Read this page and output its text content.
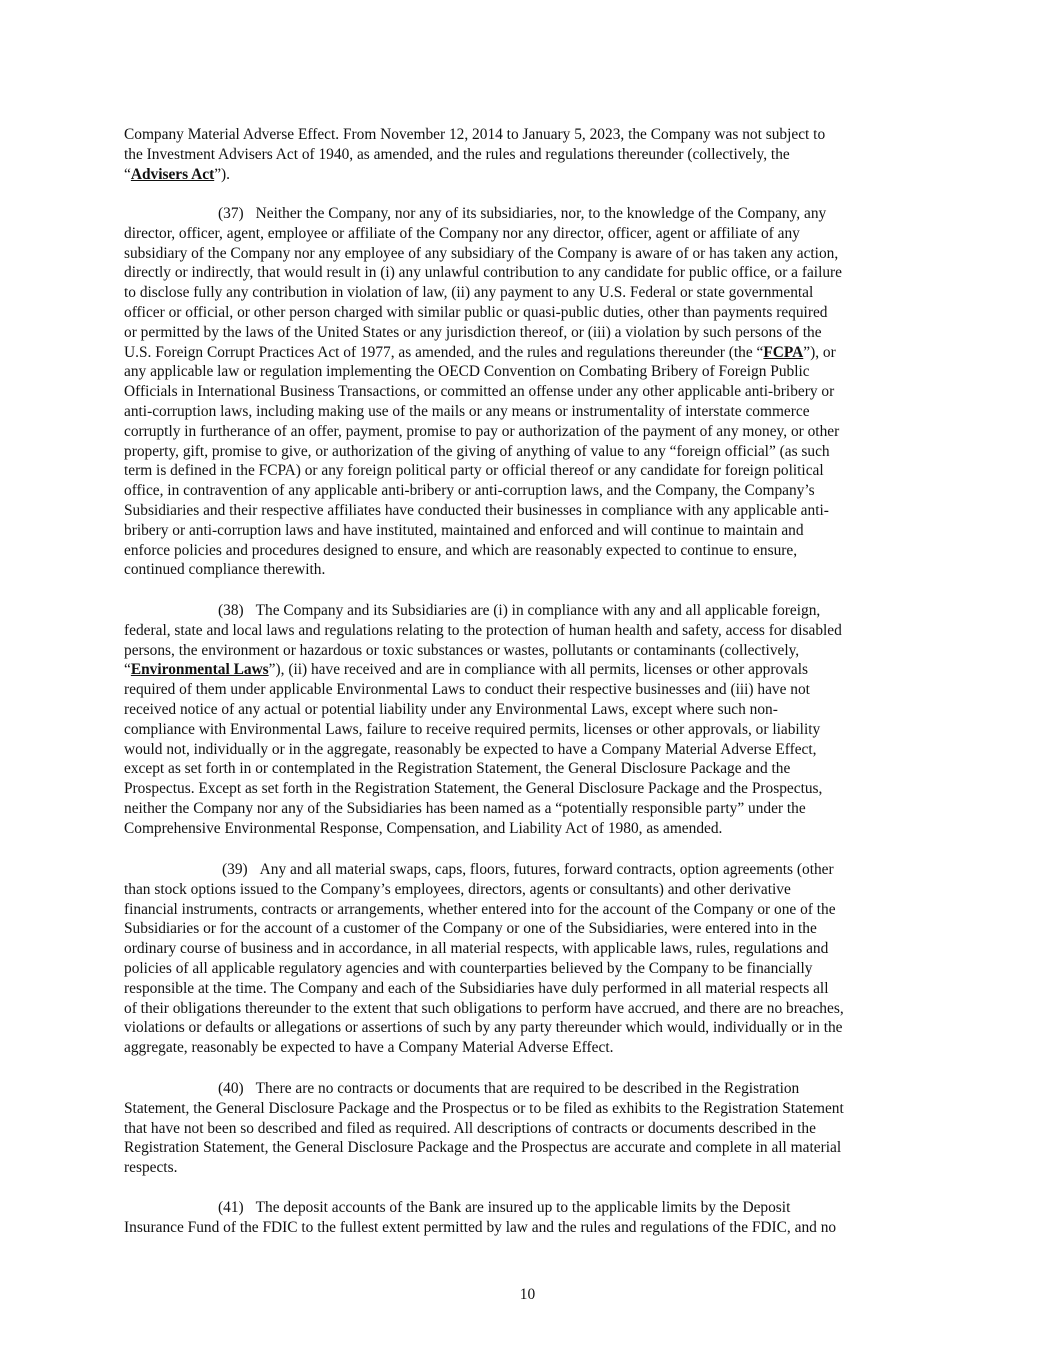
Company Material Adverse Effect. From November 12, 2014 to January 5, 2023, the Company was not subject to
the Investment Advisers Act of 1940, as amended, and the rules and regulations thereunder (collectively, the
“Advisers Act”).

(37) Neither the Company, nor any of its subsidiaries, nor, to the knowledge of the Company, any
director, officer, agent, employee or affiliate of the Company nor any director, officer, agent or affiliate of any
subsidiary of the Company nor any employee of any subsidiary of the Company is aware of or has taken any action,
directly or indirectly, that would result in (i) any unlawful contribution to any candidate for public office, or a failure
to disclose fully any contribution in violation of law, (ii) any payment to any U.S. Federal or state governmental
officer or official, or other person charged with similar public or quasi-public duties, other than payments required
or permitted by the laws of the United States or any jurisdiction thereof, or (iii) a violation by such persons of the
U.S. Foreign Corrupt Practices Act of 1977, as amended, and the rules and regulations thereunder (the “FCPA”), or
any applicable law or regulation implementing the OECD Convention on Combating Bribery of Foreign Public
Officials in International Business Transactions, or committed an offense under any other applicable anti-bribery or
anti-corruption laws, including making use of the mails or any means or instrumentality of interstate commerce
corruptly in furtherance of an offer, payment, promise to pay or authorization of the payment of any money, or other
property, gift, promise to give, or authorization of the giving of anything of value to any “foreign official” (as such
term is defined in the FCPA) or any foreign political party or official thereof or any candidate for foreign political
office, in contravention of any applicable anti-bribery or anti-corruption laws, and the Company, the Company’s
Subsidiaries and their respective affiliates have conducted their businesses in compliance with any applicable anti-
bribery or anti-corruption laws and have instituted, maintained and enforced and will continue to maintain and
enforce policies and procedures designed to ensure, and which are reasonably expected to continue to ensure,
continued compliance therewith.

(38) The Company and its Subsidiaries are (i) in compliance with any and all applicable foreign,
federal, state and local laws and regulations relating to the protection of human health and safety, access for disabled
persons, the environment or hazardous or toxic substances or wastes, pollutants or contaminants (collectively,
“Environmental Laws”), (ii) have received and are in compliance with all permits, licenses or other approvals
required of them under applicable Environmental Laws to conduct their respective businesses and (iii) have not
received notice of any actual or potential liability under any Environmental Laws, except where such non-
compliance with Environmental Laws, failure to receive required permits, licenses or other approvals, or liability
would not, individually or in the aggregate, reasonably be expected to have a Company Material Adverse Effect,
except as set forth in or contemplated in the Registration Statement, the General Disclosure Package and the
Prospectus. Except as set forth in the Registration Statement, the General Disclosure Package and the Prospectus,
neither the Company nor any of the Subsidiaries has been named as a “potentially responsible party” under the
Comprehensive Environmental Response, Compensation, and Liability Act of 1980, as amended.

(39) Any and all material swaps, caps, floors, futures, forward contracts, option agreements (other
than stock options issued to the Company’s employees, directors, agents or consultants) and other derivative
financial instruments, contracts or arrangements, whether entered into for the account of the Company or one of the
Subsidiaries or for the account of a customer of the Company or one of the Subsidiaries, were entered into in the
ordinary course of business and in accordance, in all material respects, with applicable laws, rules, regulations and
policies of all applicable regulatory agencies and with counterparties believed by the Company to be financially
responsible at the time. The Company and each of the Subsidiaries have duly performed in all material respects all
of their obligations thereunder to the extent that such obligations to perform have accrued, and there are no breaches,
violations or defaults or allegations or assertions of such by any party thereunder which would, individually or in the
aggregate, reasonably be expected to have a Company Material Adverse Effect.

(40) There are no contracts or documents that are required to be described in the Registration
Statement, the General Disclosure Package and the Prospectus or to be filed as exhibits to the Registration Statement
that have not been so described and filed as required. All descriptions of contracts or documents described in the
Registration Statement, the General Disclosure Package and the Prospectus are accurate and complete in all material
respects.

(41) The deposit accounts of the Bank are insured up to the applicable limits by the Deposit
Insurance Fund of the FDIC to the fullest extent permitted by law and the rules and regulations of the FDIC, and no

10
